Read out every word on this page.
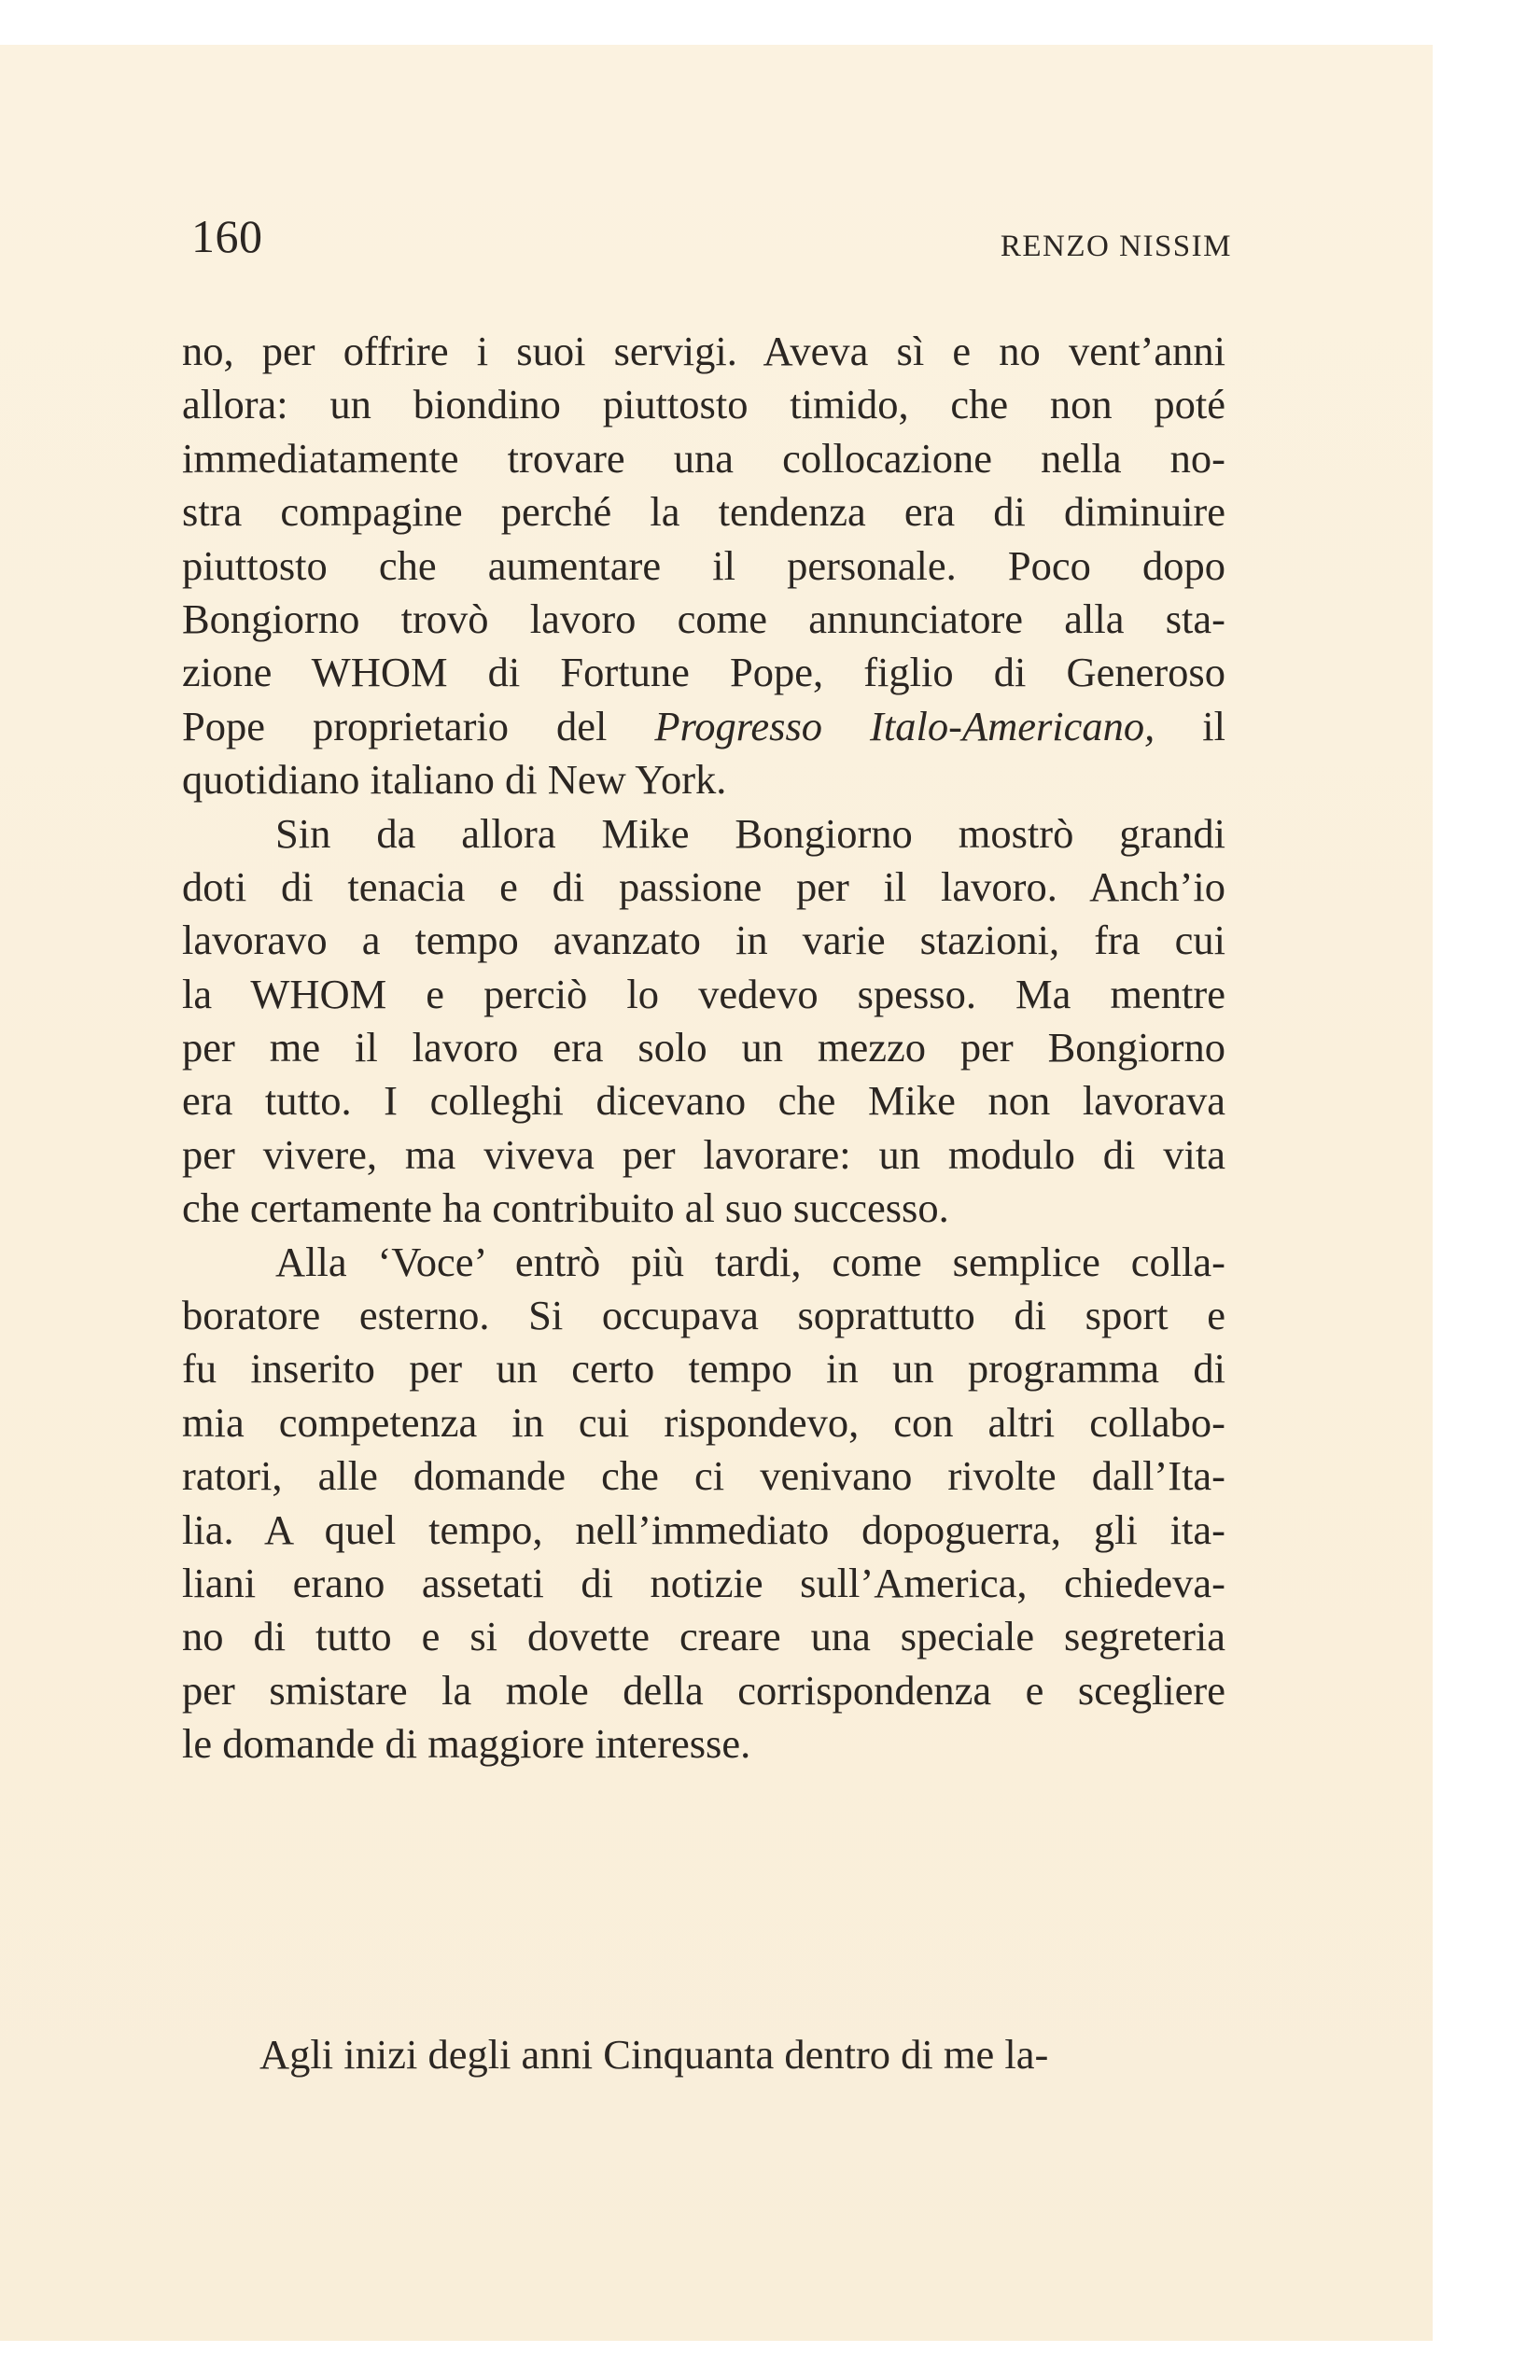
160	RENZO NISSIM
no, per offrire i suoi servigi. Aveva sì e no vent’anni
allora: un biondino piuttosto timido, che non poté
immediatamente trovare una collocazione nella no-
stra compagine perché la tendenza era di diminuire
piuttosto che aumentare il personale. Poco dopo
Bongiorno trovò lavoro come annunciatore alla sta-
zione WHOM di Fortune Pope, figlio di Generoso
Pope proprietario del Progresso Italo-Americano, il
quotidiano italiano di New York.
Sin da allora Mike Bongiorno mostrò grandi
doti di tenacia e di passione per il lavoro. Anch’io
lavoravo a tempo avanzato in varie stazioni, fra cui
la WHOM e perciò lo vedevo spesso. Ma mentre
per me il lavoro era solo un mezzo per Bongiorno
era tutto. I colleghi dicevano che Mike non lavorava
per vivere, ma viveva per lavorare: un modulo di vita
che certamente ha contribuito al suo successo.
Alla ‘Voce’ entrò più tardi, come semplice colla-
boratore esterno. Si occupava soprattutto di sport e
fu inserito per un certo tempo in un programma di
mia competenza in cui rispondevo, con altri collabo-
ratori, alle domande che ci venivano rivolte dall’Ita-
lia. A quel tempo, nell’immediato dopoguerra, gli ita-
liani erano assetati di notizie sull’America, chiedeva-
no di tutto e si dovette creare una speciale segreteria
per smistare la mole della corrispondenza e scegliere
le domande di maggiore interesse.
Agli inizi degli anni Cinquanta dentro di me la-
